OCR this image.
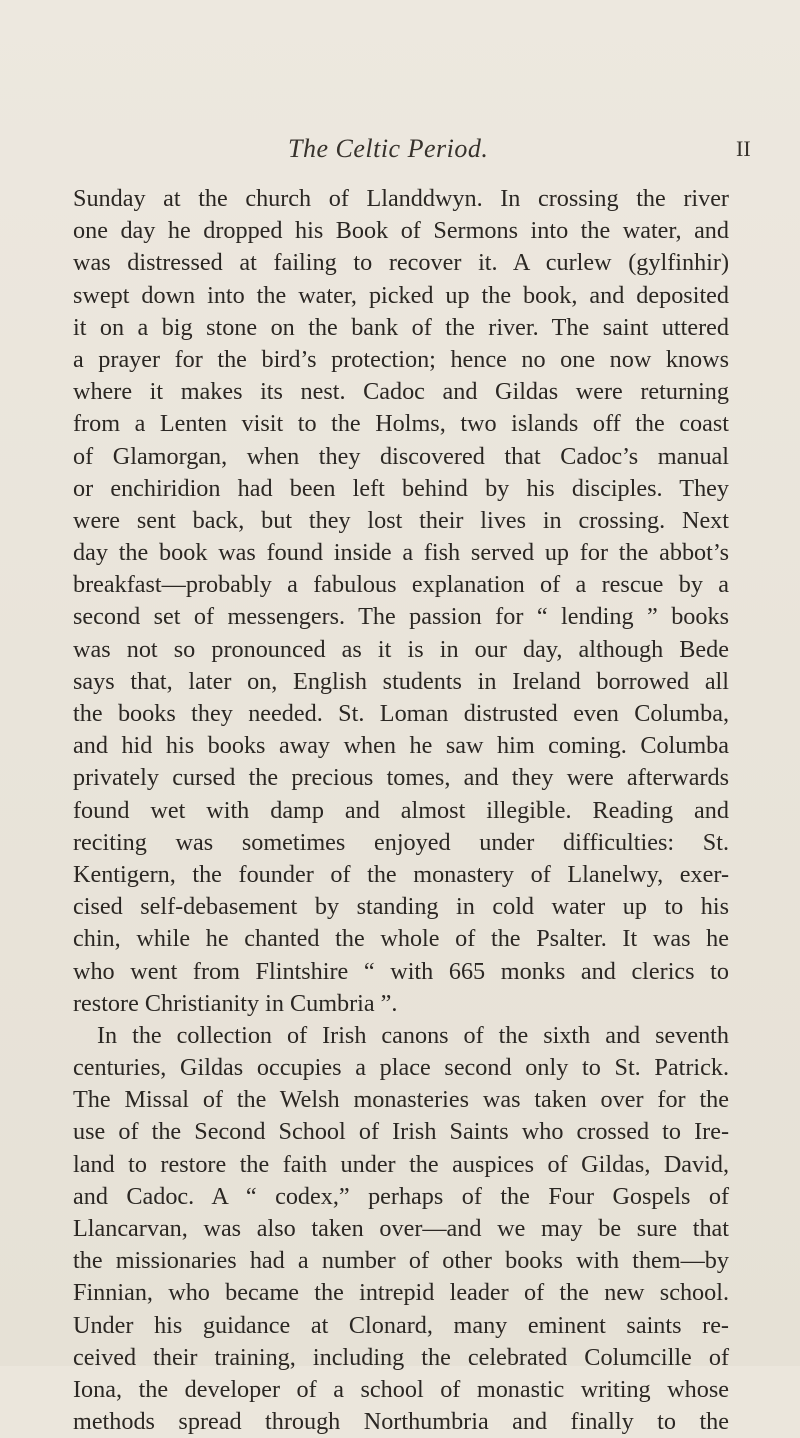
The Celtic Period.	II
Sunday at the church of Llanddwyn. In crossing the river
one day he dropped his Book of Sermons into the water, and
was distressed at failing to recover it. A curlew (gylfinhir)
swept down into the water, picked up the book, and deposited
it on a big stone on the bank of the river. The saint uttered
a prayer for the bird’s protection; hence no one now knows
where it makes its nest. Cadoc and Gildas were returning
from a Lenten visit to the Holms, two islands off the coast
of Glamorgan, when they discovered that Cadoc’s manual
or enchiridion had been left behind by his disciples. They
were sent back, but they lost their lives in crossing. Next
day the book was found inside a fish served up for the abbot’s
breakfast—probably a fabulous explanation of a rescue by a
second set of messengers. The passion for “ lending ” books
was not so pronounced as it is in our day, although Bede
says that, later on, English students in Ireland borrowed all
the books they needed. St. Loman distrusted even Columba,
and hid his books away when he saw him coming. Columba
privately cursed the precious tomes, and they were afterwards
found wet with damp and almost illegible. Reading and
reciting was sometimes enjoyed under difficulties: St.
Kentigern, the founder of the monastery of Llanelwy, exer-
cised self-debasement by standing in cold water up to his
chin, while he chanted the whole of the Psalter. It was he
who went from Flintshire “ with 665 monks and clerics to
restore Christianity in Cumbria ”.
In the collection of Irish canons of the sixth and seventh
centuries, Gildas occupies a place second only to St. Patrick.
The Missal of the Welsh monasteries was taken over for the
use of the Second School of Irish Saints who crossed to Ire-
land to restore the faith under the auspices of Gildas, David,
and Cadoc. A “ codex,” perhaps of the Four Gospels of
Llancarvan, was also taken over—and we may be sure that
the missionaries had a number of other books with them—by
Finnian, who became the intrepid leader of the new school.
Under his guidance at Clonard, many eminent saints re-
ceived their training, including the celebrated Columcille of
Iona, the developer of a school of monastic writing whose
methods spread through Northumbria and finally to the
